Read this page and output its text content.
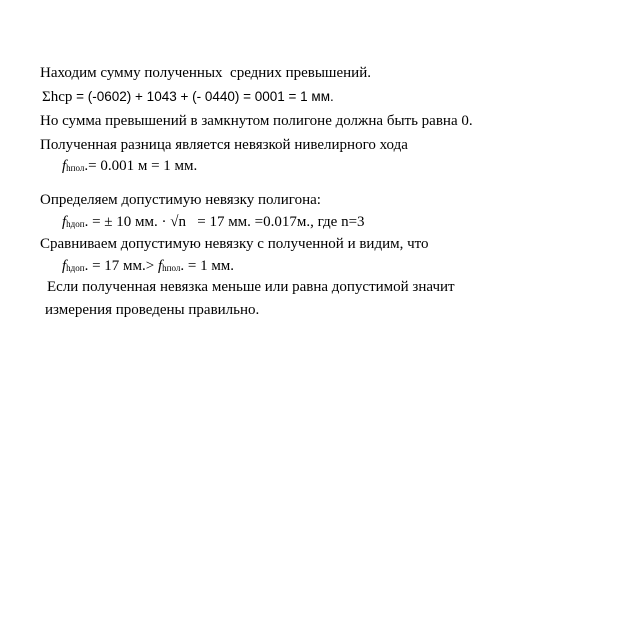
Находим сумму полученных  средних превышений.

Σhср = (-0602) + 1043 + (- 0440) = 0001 = 1 мм.

Но сумма превышений в замкнутом полигоне должна быть равна 0.

Полученная разница является невязкой нивелирного хода

fhпол.= 0.001 м = 1 мм.

Определяем допустимую невязку полигона:

fhдоп. = ± 10 мм. · √n   = 17 мм. =0.017м., где n=3

Сравниваем допустимую невязку с полученной и видим, что

fhдоп. = 17 мм.> fhпол. = 1 мм.

Если полученная невязка меньше или равна допустимой значит

измерения проведены правильно.
